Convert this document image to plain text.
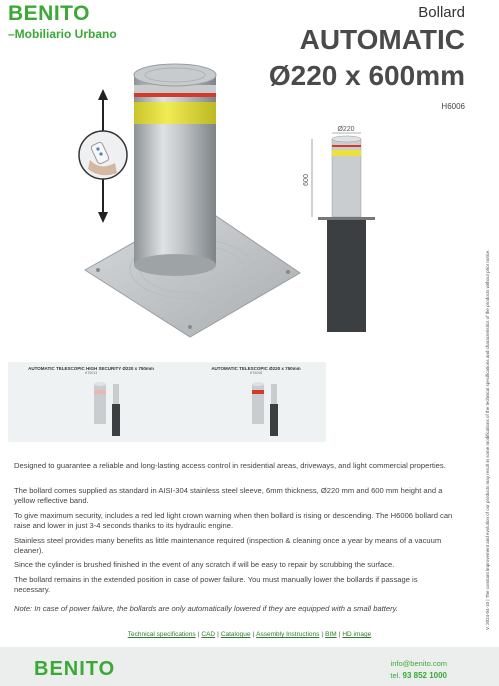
BENITO
–Mobiliario Urbano
Bollard
AUTOMATIC
Ø220 x 600mm
H6006
V. 2024-04-10 | The constant improvement and evolution of our products may result in some modifications of the technical specifications and characteristics of the products without prior notice.
Ø220
600
AUTOMATIC TELESCOPIC HIGH SECURITY Ø220 x 750mm
HT6013
AUTOMATIC TELESCOPIC Ø220 x 750mm
HT6008
Designed to guarantee a reliable and long-lasting access control in residential areas, driveways, and light commercial properties.
The bollard comes supplied as standard in AISI-304 stainless steel sleeve, 6mm thickness, Ø220 mm and 600 mm height and a yellow reflective band.
To give maximum security, includes a red led light crown warning when then bollard is rising or descending. The H6006 bollard can raise and lower in just 3-4 seconds thanks to its hydraulic engine.
Stainless steel provides many benefits as little maintenance required (inspection & cleaning once a year by means of a vacuum cleaner).
Since the cylinder is brushed finished in the event of any scratch if will be easy to repair by scrubbing the surface.
The bollard remains in the extended position in case of power failure. You must manually lower the bollards if passage is necessary.
Note: In case of power failure, the bollards are only automatically lowered if they are equipped with a small battery.
Technical specifications | CAD | Catalogue | Assembly Instructions | BIM | HD image
BENITO	info@benito.com
tel. 93 852 1000
